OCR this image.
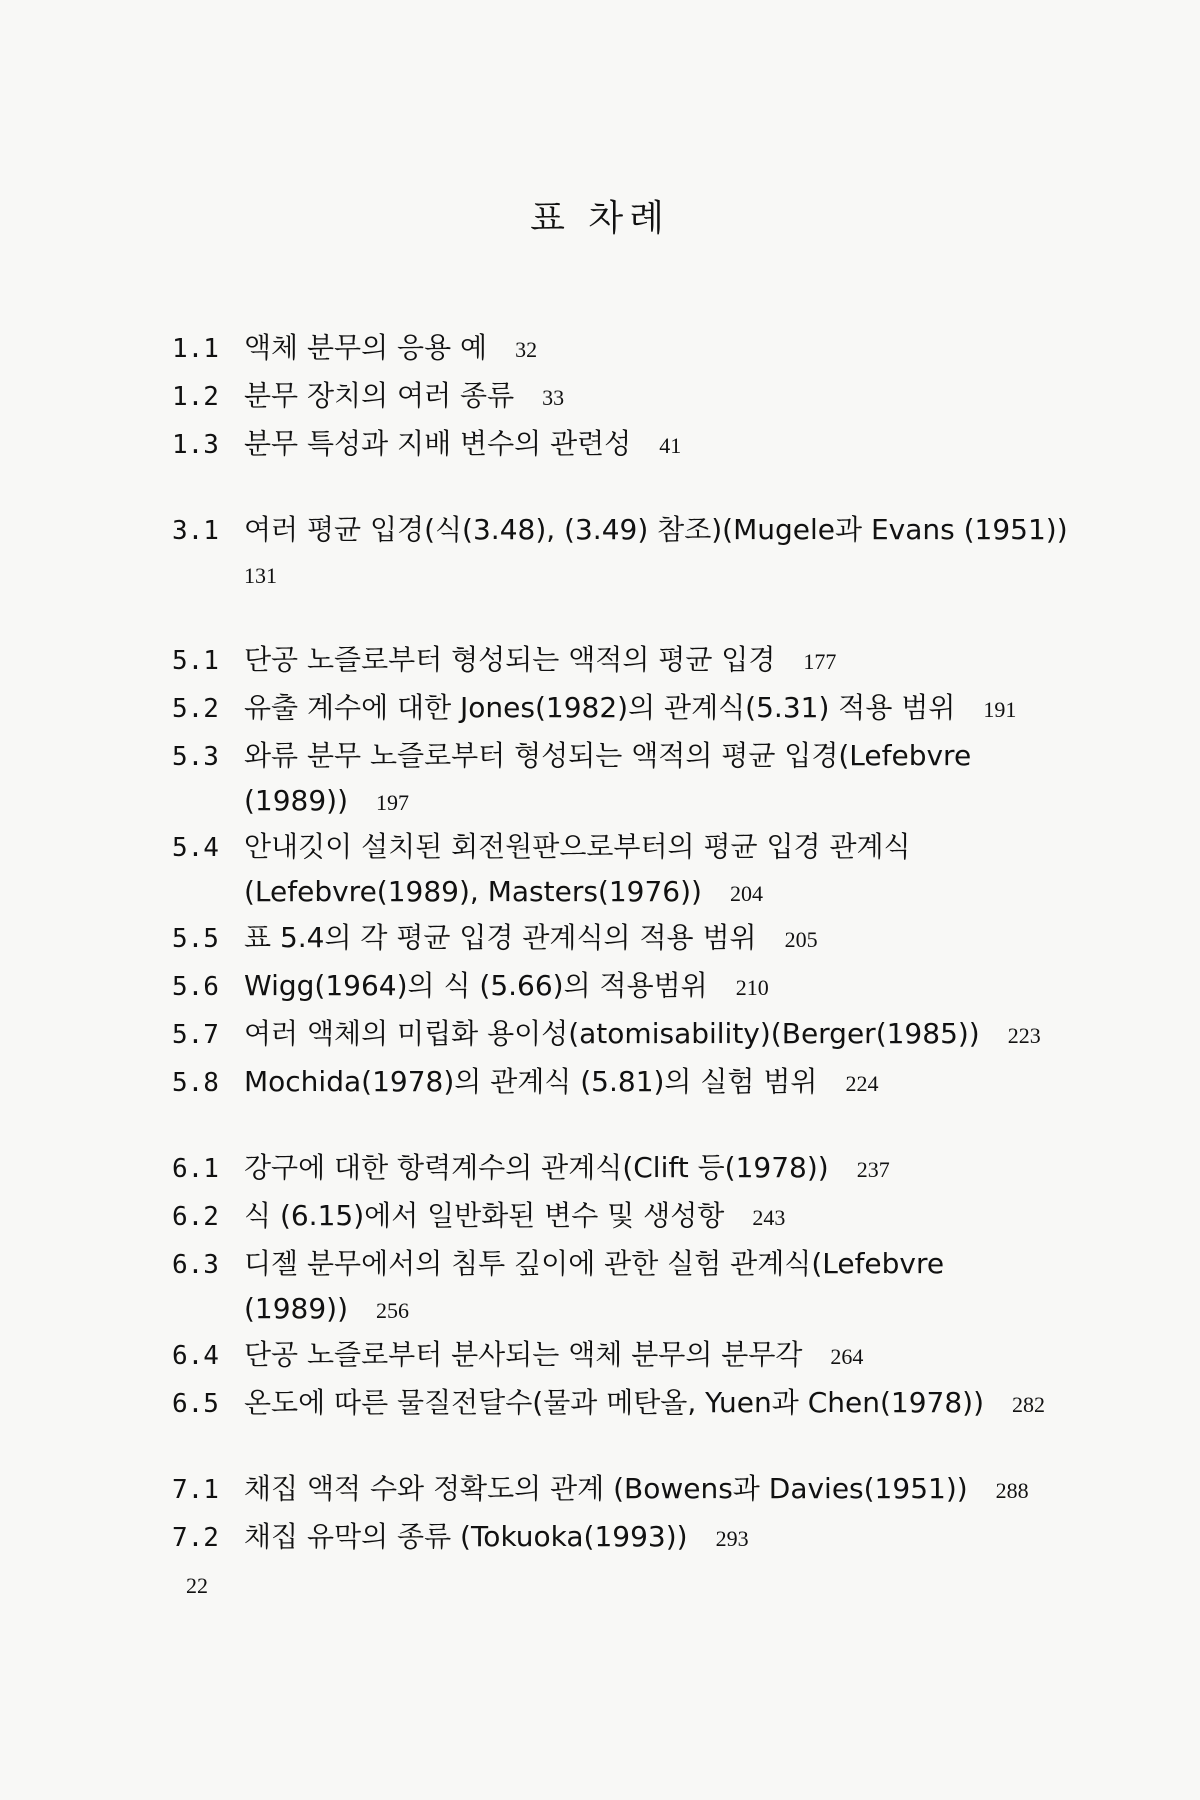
표 차례
1.1 액체 분무의 응용 예 32
1.2 분무 장치의 여러 종류 33
1.3 분무 특성과 지배 변수의 관련성 41
3.1 여러 평균 입경(식(3.48), (3.49) 참조)(Mugele과 Evans (1951))
131
5.1 단공 노즐로부터 형성되는 액적의 평균 입경 177
5.2 유출 계수에 대한 Jones(1982)의 관계식(5.31) 적용 범위 191
5.3 와류 분무 노즐로부터 형성되는 액적의 평균 입경(Lefebvre
(1989)) 197
5.4 안내깃이 설치된 회전원판으로부터의 평균 입경 관계식
(Lefebvre(1989), Masters(1976)) 204
5.5 표 5.4의 각 평균 입경 관계식의 적용 범위 205
5.6 Wigg(1964)의 식 (5.66)의 적용범위 210
5.7 여러 액체의 미립화 용이성(atomisability)(Berger(1985)) 223
5.8 Mochida(1978)의 관계식 (5.81)의 실험 범위 224
6.1 강구에 대한 항력계수의 관계식(Clift 등(1978)) 237
6.2 식 (6.15)에서 일반화된 변수 및 생성항 243
6.3 디젤 분무에서의 침투 깊이에 관한 실험 관계식(Lefebvre
(1989)) 256
6.4 단공 노즐로부터 분사되는 액체 분무의 분무각 264
6.5 온도에 따른 물질전달수(물과 메탄올, Yuen과 Chen(1978)) 282
7.1 채집 액적 수와 정확도의 관계 (Bowens과 Davies(1951)) 288
7.2 채집 유막의 종류 (Tokuoka(1993)) 293
22
